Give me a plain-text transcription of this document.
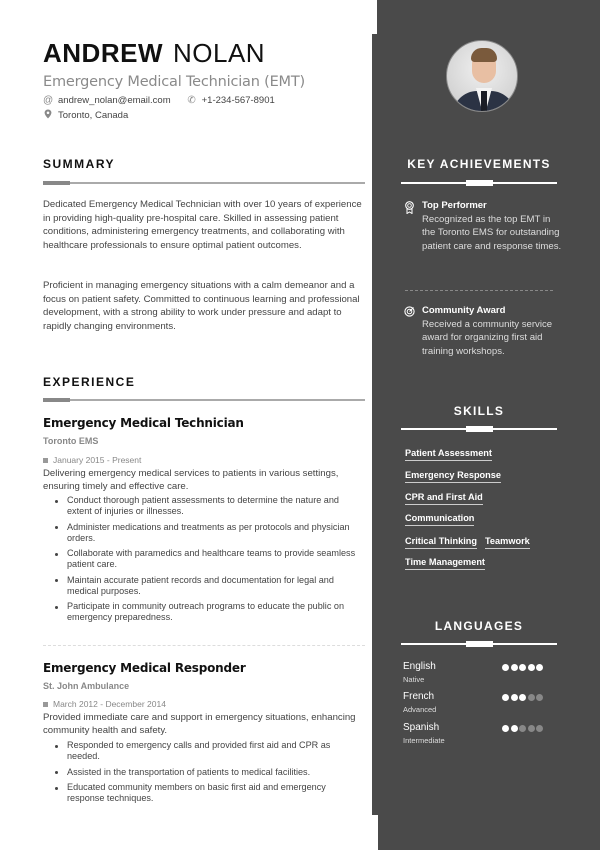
ANDREW NOLAN
Emergency Medical Technician (EMT)
@ andrew_nolan@email.com ✆ +1-234-567-8901
Toronto, Canada
SUMMARY
Dedicated Emergency Medical Technician with over 10 years of experience in providing high-quality pre-hospital care. Skilled in assessing patient conditions, administering emergency treatments, and collaborating with healthcare professionals to ensure optimal patient outcomes.
Proficient in managing emergency situations with a calm demeanor and a focus on patient safety. Committed to continuous learning and professional development, with a strong ability to work under pressure and adapt to rapidly changing environments.
EXPERIENCE
Emergency Medical Technician
Toronto EMS
January 2015 - Present
Delivering emergency medical services to patients in various settings, ensuring timely and effective care.
Conduct thorough patient assessments to determine the nature and extent of injuries or illnesses.
Administer medications and treatments as per protocols and physician orders.
Collaborate with paramedics and healthcare teams to provide seamless patient care.
Maintain accurate patient records and documentation for legal and medical purposes.
Participate in community outreach programs to educate the public on emergency preparedness.
Emergency Medical Responder
St. John Ambulance
March 2012 - December 2014
Provided immediate care and support in emergency situations, enhancing community health and safety.
Responded to emergency calls and provided first aid and CPR as needed.
Assisted in the transportation of patients to medical facilities.
Educated community members on basic first aid and emergency response techniques.
KEY ACHIEVEMENTS
Top Performer
Recognized as the top EMT in the Toronto EMS for outstanding patient care and response times.
Community Award
Received a community service award for organizing first aid training workshops.
SKILLS
Patient Assessment
Emergency Response
CPR and First Aid
Communication
Critical Thinking Teamwork
Time Management
LANGUAGES
English
Native
French
Advanced
Spanish
Intermediate
